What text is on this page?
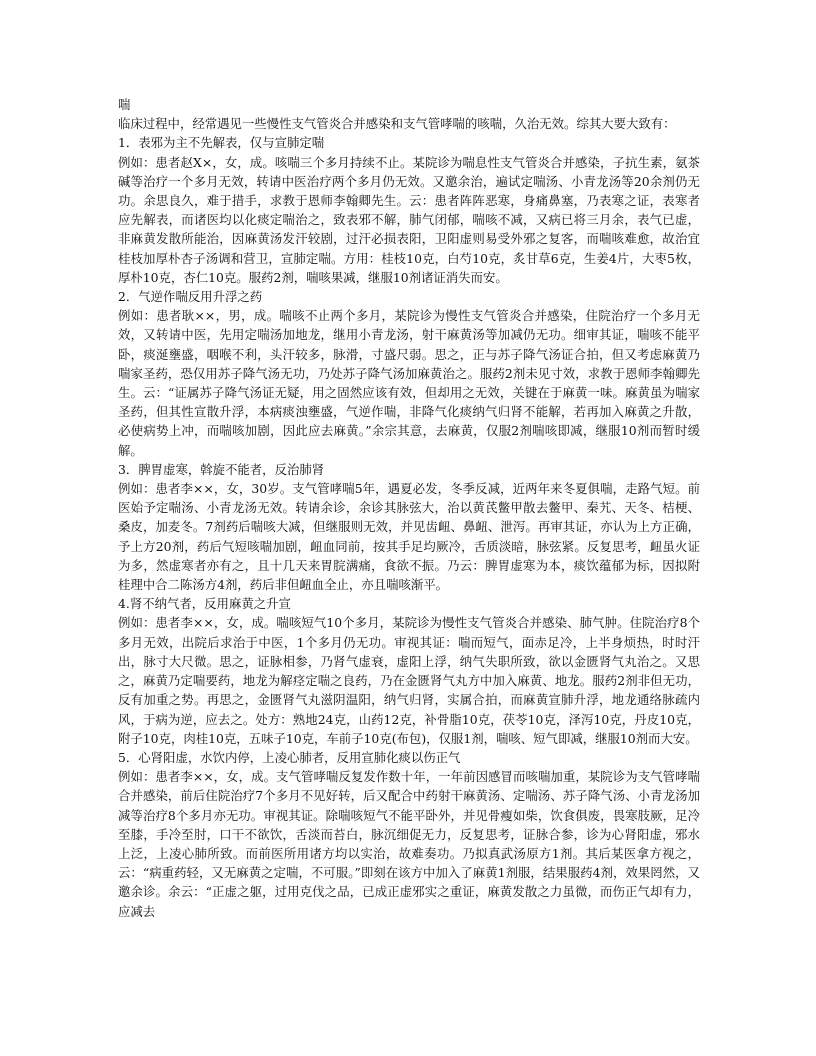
喘

临床过程中，经常遇见一些慢性支气管炎合并感染和支气管哮喘的咳喘，久治无效。综其大要大致有：

1．表邪为主不先解表，仅与宣肺定喘

例如：患者赵X×，女，成。咳喘三个多月持续不止。某院诊为喘息性支气管炎合并感染，子抗生素，氨茶碱等治疗一个多月无效，转请中医治疗两个多月仍无效。又邀余治，遍试定喘汤、小青龙汤等20余剂仍无功。余思良久，难于措手，求教于恩师李翰卿先生。云：患者阵阵恶寒，身痛鼻塞，乃表寒之证，表寒者应先解表，而诸医均以化痰定喘治之，致表邪不解，肺气闭郁，喘咳不减，又病已将三月余，表气已虚，非麻黄发散所能治，因麻黄汤发汗较剧，过汗必损表阳，卫阳虚则易受外邪之复客，而喘咳难愈，故治宜桂枝加厚朴杏子汤调和营卫，宣肺定喘。方用：桂枝10克，白芍10克，炙甘草6克，生姜4片，大枣5枚，厚朴10克，杏仁10克。服药2剂，喘咳果减，继服10剂诸证消失而安。

2．气逆作喘反用升浮之药

例如：患者耿××，男，成。喘咳不止两个多月，某院诊为慢性支气管炎合并感染，住院治疗一个多月无效，又转请中医，先用定喘汤加地龙，继用小青龙汤，射干麻黄汤等加减仍无功。细审其证，喘咳不能平卧，痰涎壅盛，咽喉不利，头汗较多，脉滑，寸盛尺弱。思之，正与苏子降气汤证合拍，但又考虑麻黄乃喘家圣药，恐仅用苏子降气汤无功，乃处苏子降气汤加麻黄治之。服药2剂未见寸效，求教于恩师李翰卿先生。云：“证属苏子降气汤证无疑，用之固然应该有效，但却用之无效，关键在于麻黄一味。麻黄虽为喘家圣药，但其性宣散升浮，本病痰浊壅盛，气逆作喘，非降气化痰纳气归肾不能解，若再加入麻黄之升散，必使病势上冲，而喘咳加剧，因此应去麻黄。”余宗其意，去麻黄，仅服2剂喘咳即减，继服10剂而暂时缓解。

3．脾胃虚寒，斡旋不能者，反治肺肾

例如：患者李××，女，30岁。支气管哮喘5年，遇夏必发，冬季反减，近两年来冬夏俱喘，走路气短。前医始予定喘汤、小青龙汤无效。转请余诊，余诊其脉弦大，治以黄芪鳖甲散去鳖甲、秦艽、天冬、桔梗、桑皮，加麦冬。7剂药后喘咳大减，但继服则无效，并见齿衄、鼻衄、泄泻。再审其证，亦认为上方正确，予上方20剂，药后气短咳喘加剧，衄血同前，按其手足均厥冷，舌质淡暗，脉弦紧。反复思考，衄虽火证为多，然虚寒者亦有之，且十几天来胃脘满痛，食欲不振。乃云：脾胃虚寒为本，痰饮蕴郁为标，因拟附桂理中合二陈汤方4剂，药后非但衄血全止，亦且喘咳渐平。

4.肾不纳气者，反用麻黄之升宣

例如：患者李××，女，成。喘咳短气10个多月，某院诊为慢性支气管炎合并感染、肺气肿。住院治疗8个多月无效，出院后求治于中医，1个多月仍无功。审视其证：喘而短气，面赤足冷，上半身烦热，时时汗出，脉寸大尺微。思之，证脉相参，乃肾气虚衰，虚阳上浮，纳气失职所致，欲以金匮肾气丸治之。又思之，麻黄乃定喘要药，地龙为解痉定喘之良药，乃在金匮肾气丸方中加入麻黄、地龙。服药2剂非但无功，反有加重之势。再思之，金匮肾气丸滋阴温阳，纳气归肾，实属合拍，而麻黄宣肺升浮，地龙通络脉疏内风，于病为逆，应去之。处方：熟地24克，山药12克，补骨脂10克，茯苓10克，泽泻10克，丹皮10克，附子10克，肉桂10克，五味子10克，车前子10克(布包)，仅服1剂，喘咳、短气即减，继服10剂而大安。

5．心肾阳虚，水饮内停，上凌心肺者，反用宣肺化痰以伤正气

例如：患者李××，女，成。支气管哮喘反复发作数十年，一年前因感冒而咳喘加重，某院诊为支气管哮喘合并感染，前后住院治疗7个多月不见好转，后又配合中药射干麻黄汤、定喘汤、苏子降气汤、小青龙汤加减等治疗8个多月亦无功。审视其证。除喘咳短气不能平卧外，并见骨瘦如柴，饮食俱废，畏寒肢厥，足冷至膝，手冷至肘，口干不欲饮，舌淡而苔白，脉沉细促无力，反复思考，证脉合参，诊为心肾阳虚，邪水上泛，上凌心肺所致。而前医所用诸方均以实治，故难奏功。乃拟真武汤原方1剂。其后某医拿方视之，云：“病重药轻，又无麻黄之定喘，不可服。”即刻在该方中加入了麻黄1剂服，结果服药4剂，效果罔然，又邀余诊。余云：“正虚之躯，过用克伐之品，已成正虚邪实之重证，麻黄发散之力虽微，而伤正气却有力，应减去
